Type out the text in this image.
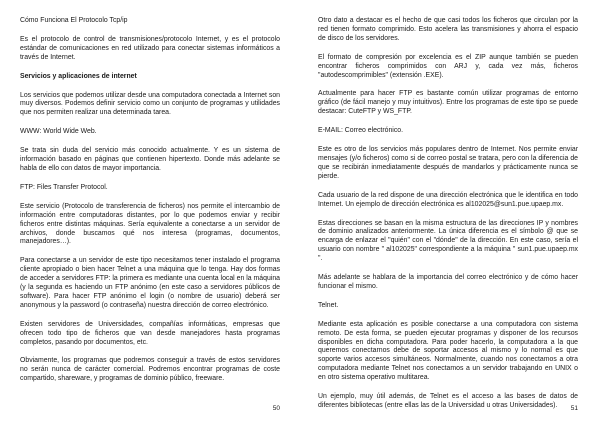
Cómo Funciona El Protocolo Tcp/ip

Es el protocolo de control de transmisiones/protocolo Internet, y es el protocolo estándar de comunicaciones en red utilizado para conectar sistemas informáticos a través de Internet.

Servicios y aplicaciones de internet

Los servicios que podemos utilizar desde una computadora conectada a Internet son muy diversos. Podemos definir servicio como un conjunto de programas y utilidades que nos permiten realizar una determinada tarea.

WWW: World Wide Web.

Se trata sin duda del servicio más conocido actualmente. Y es un sistema de información basado en páginas que contienen hipertexto. Donde más adelante se habla de ello con datos de mayor importancia.

FTP: Files Transfer Protocol.

Este servicio (Protocolo de transferencia de ficheros) nos permite el intercambio de información entre computadoras distantes, por lo que podemos enviar y recibir ficheros entre distintas máquinas. Sería equivalente a conectarse a un servidor de archivos, donde buscamos qué nos interesa (programas, documentos, manejadores…).

Para conectarse a un servidor de este tipo necesitamos tener instalado el programa cliente apropiado o bien hacer Telnet a una máquina que lo tenga. Hay dos formas de acceder a servidores FTP: la primera es mediante una cuenta local en la máquina (y la segunda es haciendo un FTP anónimo (en este caso a servidores públicos de software). Para hacer FTP anónimo el login (o nombre de usuario) deberá ser anonymous y la password (o contraseña) nuestra dirección de correo electrónico.

Existen servidores de Universidades, compañías informáticas, empresas que ofrecen todo tipo de ficheros que van desde manejadores hasta programas completos, pasando por documentos, etc.

Obviamente, los programas que podremos conseguir a través de estos servidores no serán nunca de carácter comercial. Podremos encontrar programas de coste compartido, shareware, y programas de dominio público, freeware.

50

Otro dato a destacar es el hecho de que casi todos los ficheros que circulan por la red tienen formato comprimido. Esto acelera las transmisiones y ahorra el espacio de disco de los servidores.

El formato de compresión por excelencia es el ZIP aunque también se pueden encontrar ficheros comprimidos con ARJ y, cada vez más, ficheros "autodescomprimibles" (extensión .EXE).

Actualmente para hacer FTP es bastante común utilizar programas de entorno gráfico (de fácil manejo y muy intuitivos). Entre los programas de este tipo se puede destacar: CuteFTP y WS_FTP.

E-MAIL: Correo electrónico.

Este es otro de los servicios más populares dentro de Internet. Nos permite enviar mensajes (y/o ficheros) como si de correo postal se tratara, pero con la diferencia de que se recibirán inmediatamente después de mandarlos y prácticamente nunca se pierde.

Cada usuario de la red dispone de una dirección electrónica que le identifica en todo Internet. Un ejemplo de dirección electrónica es al102025@sun1.pue.upaep.mx.

Estas direcciones se basan en la misma estructura de las direcciones IP y nombres de dominio analizados anteriormente. La única diferencia es el símbolo @ que se encarga de enlazar el "quién" con el "dónde" de la dirección. En este caso, sería el usuario con nombre " al102025" correspondiente a la máquina " sun1.pue.upaep.mx ".

Más adelante se hablara de la importancia del correo electrónico y de cómo hacer funcionar el mismo.

Telnet.

Mediante esta aplicación es posible conectarse a una computadora con sistema remoto. De esta forma, se pueden ejecutar programas y disponer de los recursos disponibles en dicha computadora. Para poder hacerlo, la computadora a la que queremos conectarnos debe de soportar accesos al mismo y lo normal es que soporte varios accesos simultáneos. Normalmente, cuando nos conectamos a otra computadora mediante Telnet nos conectamos a un servidor trabajando en UNIX o en otro sistema operativo multitarea.

Un ejemplo, muy útil además, de Telnet es el acceso a las bases de datos de diferentes bibliotecas (entre ellas las de la Universidad u otras Universidades).	51
